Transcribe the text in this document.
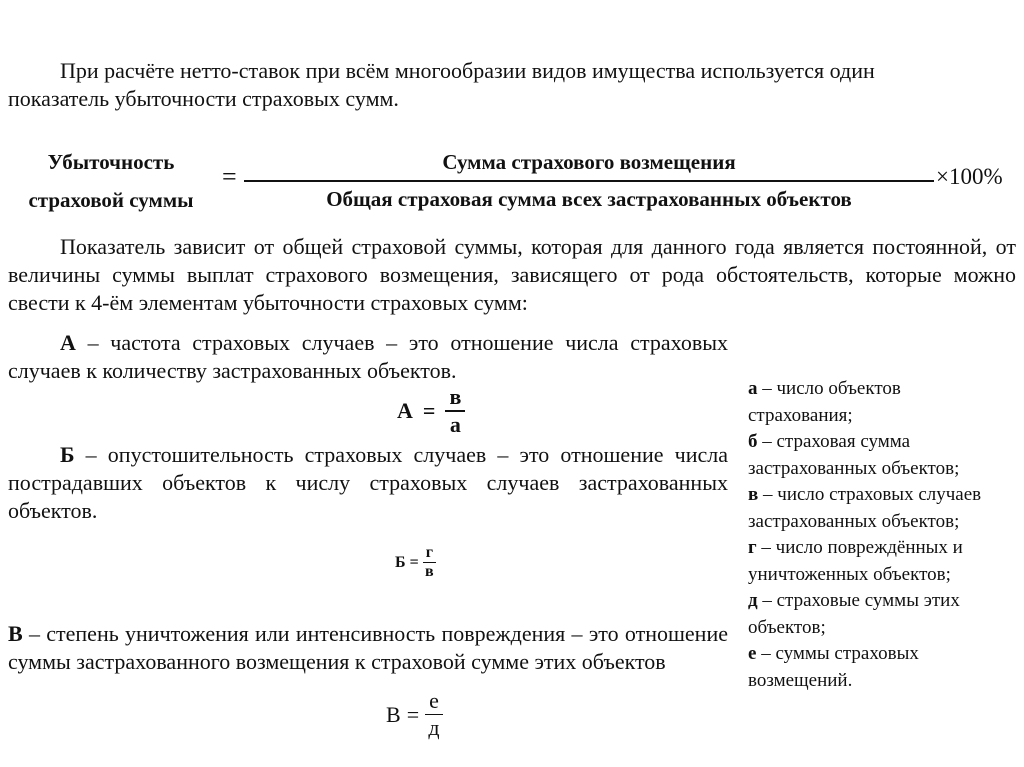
При расчёте нетто-ставок при всём многообразии видов имущества используется один
показатель убыточности страховых сумм.
Убыточность
страховой суммы
=	Сумма страхового возмещения
Общая страховая сумма всех застрахованных объектов
×100%
Показатель зависит от общей страховой суммы, которая для данного года является постоянной, от величины суммы выплат страхового возмещения, зависящего от рода обстоятельств, которые можно свести к 4-ём элементам убыточности страховых сумм:
А – частота страховых случаев – это отношение числа страховых случаев к количеству застрахованных объектов.
А =
в
а
Б – опустошительность страховых случаев – это отношение числа пострадавших объектов к числу страховых случаев застрахованных объектов.
Б =
г
в
В – степень уничтожения или интенсивность повреждения – это отношение суммы застрахованного возмещения к страховой сумме этих объектов
В =
е
д
а – число объектов страхования;
б – страховая сумма застрахованных объектов;
в – число страховых случаев застрахованных объектов;
г – число повреждённых и уничтоженных объектов;
д – страховые суммы этих объектов;
е – суммы страховых возмещений.
